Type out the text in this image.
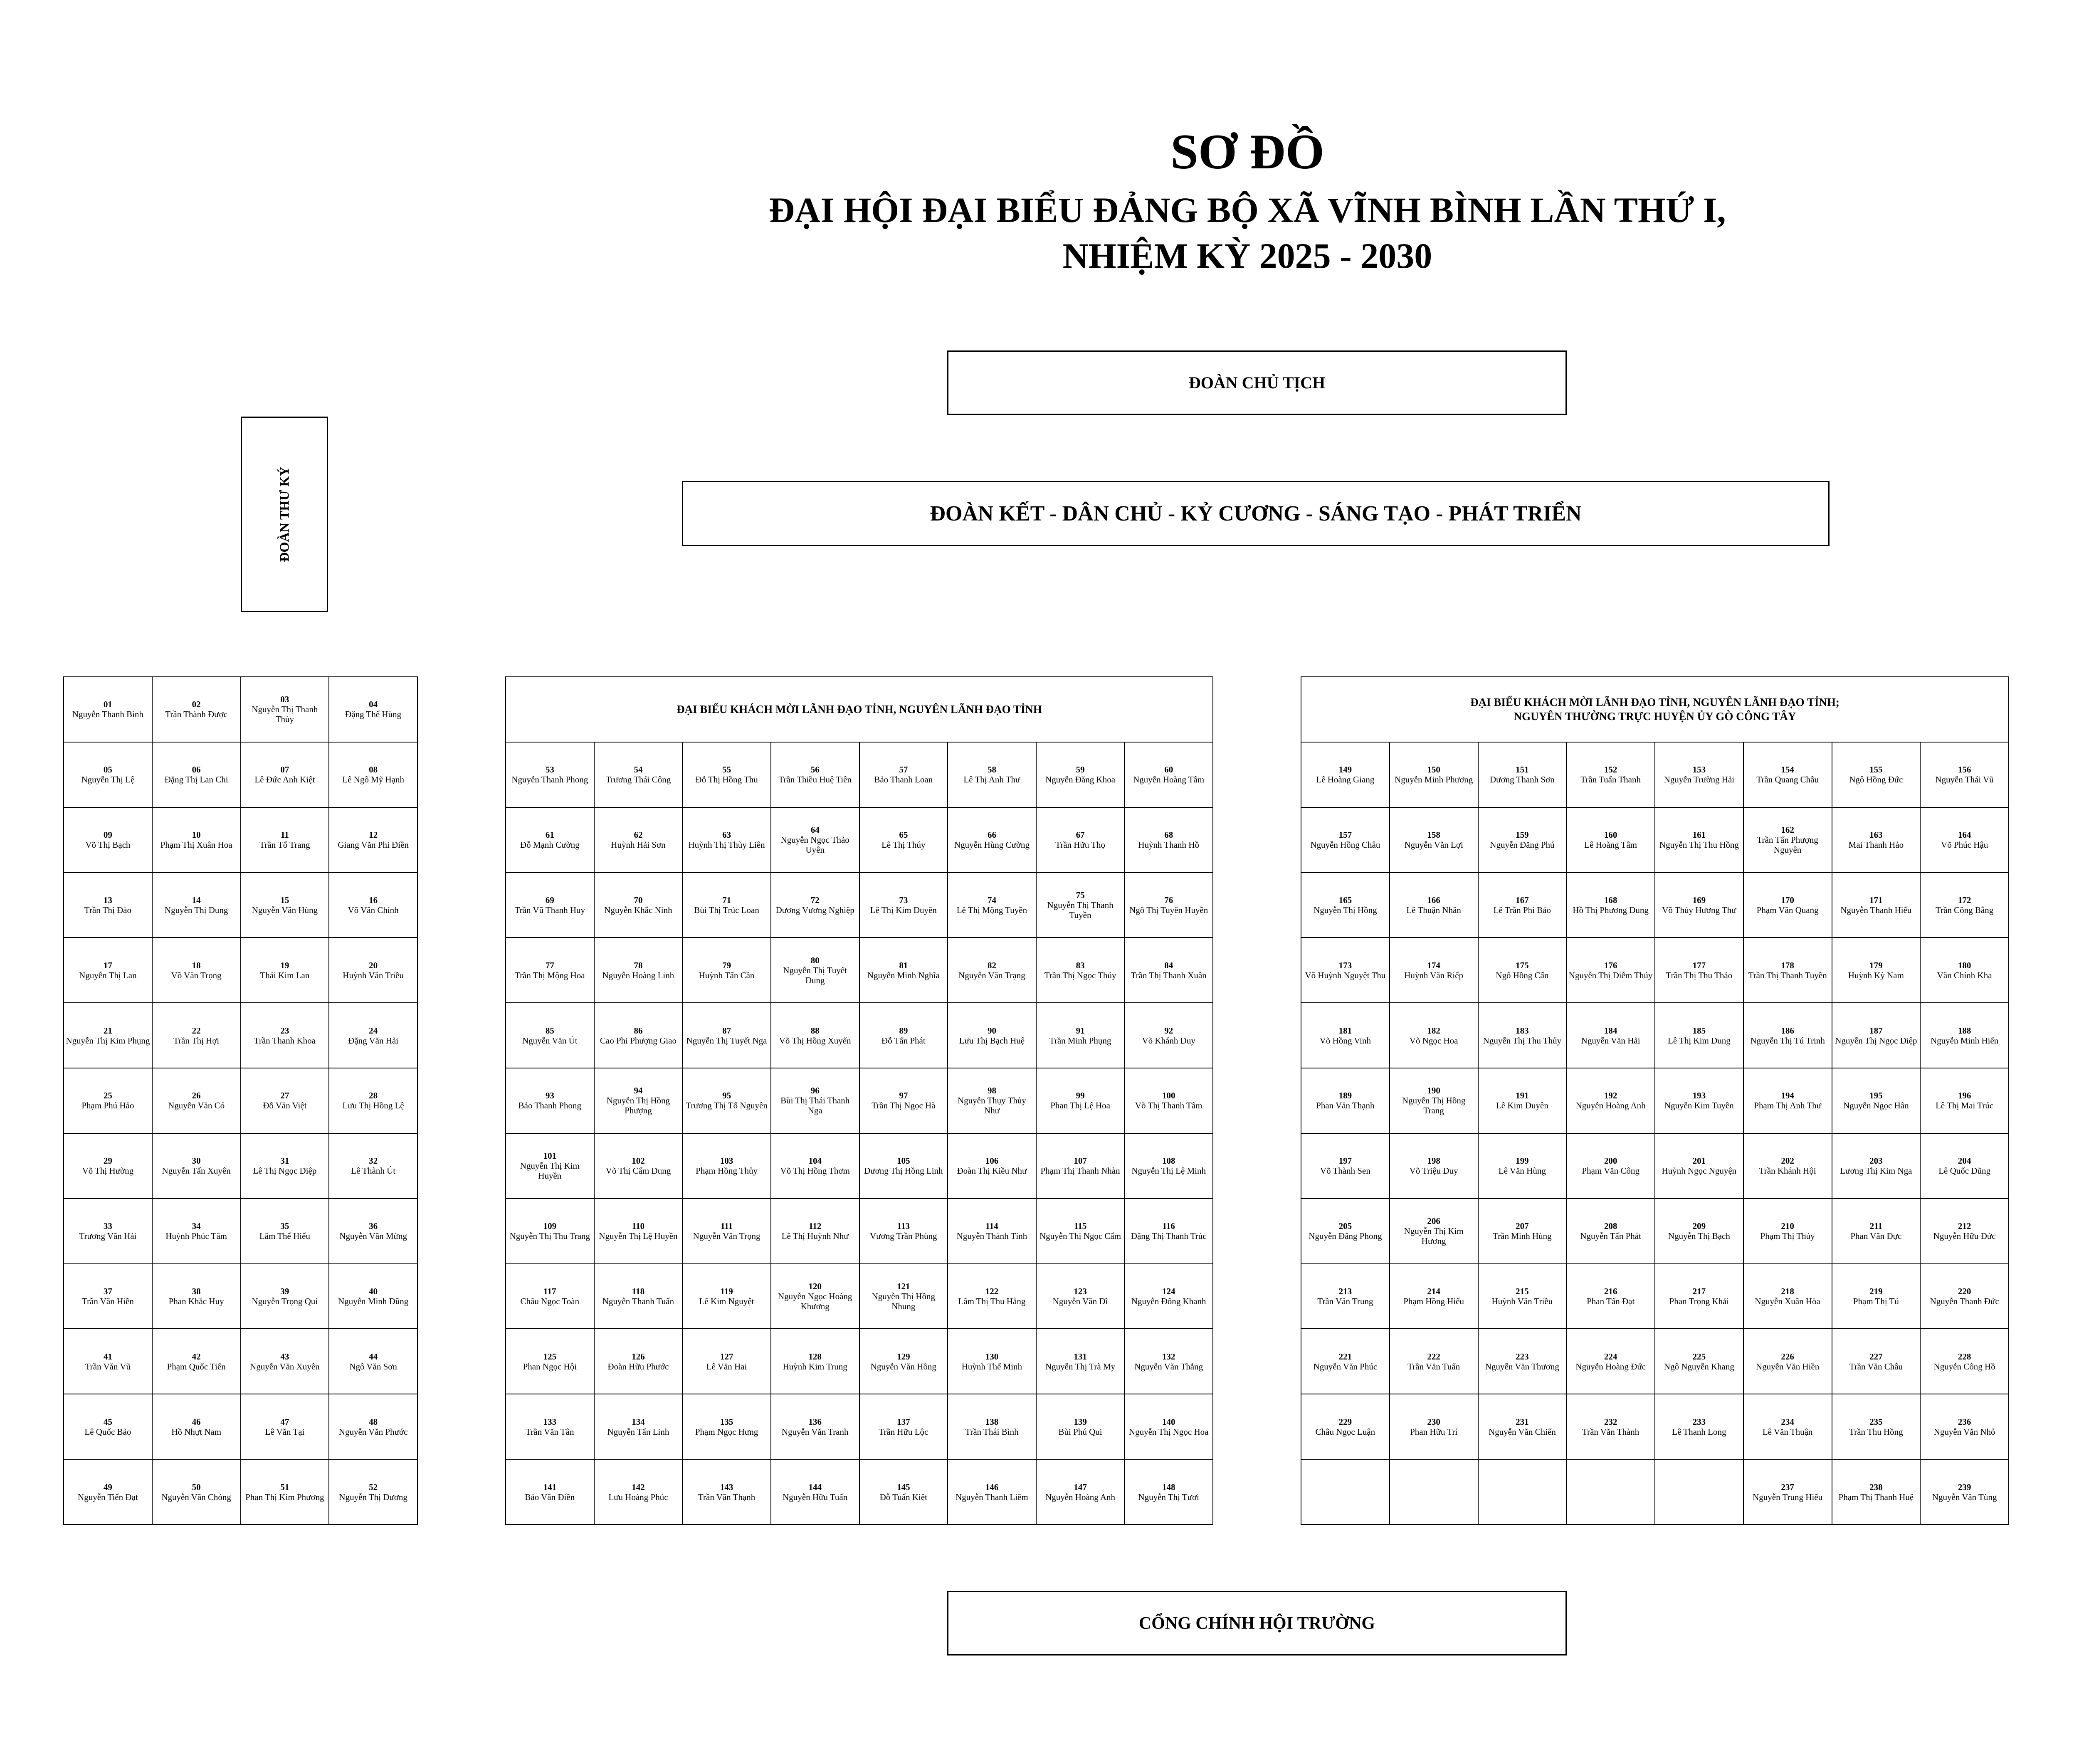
SƠ ĐỒ
ĐẠI HỘI ĐẠI BIỂU ĐẢNG BỘ XÃ VĨNH BÌNH LẦN THỨ I,
NHIỆM KỲ 2025 - 2030
ĐOÀN CHỦ TỊCH
ĐOÀN KẾT - DÂN CHỦ - KỶ CƯƠNG - SÁNG TẠO - PHÁT TRIỂN
ĐOÀN THƯ KÝ
01
Nguyễn Thanh Bình
02
Trần Thành Được
03
Nguyễn Thị Thanh Thủy
04
Đặng Thế Hùng
05
Nguyễn Thị Lệ
06
Đặng Thị Lan Chi
07
Lê Đức Anh Kiệt
08
Lê Ngô Mỹ Hạnh
09
Võ Thị Bạch
10
Phạm Thị Xuân Hoa
11
Trần Tố Trang
12
Giang Văn Phi Điền
13
Trần Thị Đào
14
Nguyễn Thị Dung
15
Nguyễn Văn Hùng
16
Võ Văn Chính
17
Nguyễn Thị Lan
18
Võ Văn Trọng
19
Thái Kim Lan
20
Huỳnh Văn Triều
21
Nguyễn Thị Kim Phụng
22
Trần Thị Hợi
23
Trần Thanh Khoa
24
Đặng Văn Hải
25
Phạm Phú Hảo
26
Nguyễn Văn Có
27
Đỗ Văn Việt
28
Lưu Thị Hồng Lệ
29
Võ Thị Hường
30
Nguyễn Tấn Xuyên
31
Lê Thị Ngọc Diệp
32
Lê Thành Út
33
Trương Văn Hải
34
Huỳnh Phúc Tâm
35
Lâm Thế Hiểu
36
Nguyễn Văn Mừng
37
Trần Văn Hiền
38
Phan Khắc Huy
39
Nguyễn Trọng Qui
40
Nguyễn Minh Dũng
41
Trần Văn Vũ
42
Phạm Quốc Tiến
43
Nguyễn Văn Xuyên
44
Ngô Văn Sơn
45
Lê Quốc Bảo
46
Hồ Nhựt Nam
47
Lê Văn Tại
48
Nguyễn Văn Phước
49
Nguyễn Tiến Đạt
50
Nguyễn Văn Chóng
51
Phan Thị Kim Phương
52
Nguyễn Thị Dương
ĐẠI BIỂU KHÁCH MỜI LÃNH ĐẠO TỈNH, NGUYÊN LÃNH ĐẠO TỈNH
53
Nguyễn Thanh Phong
54
Trương Thái Công
55
Đỗ Thị Hồng Thu
56
Trần Thiều Huệ Tiên
57
Bảo Thanh Loan
58
Lê Thị Anh Thư
59
Nguyễn Đăng Khoa
60
Nguyễn Hoàng Tâm
61
Đỗ Mạnh Cường
62
Huỳnh Hải Sơn
63
Huỳnh Thị Thùy Liên
64
Nguyễn Ngọc Thảo Uyên
65
Lê Thị Thúy
66
Nguyễn Hùng Cường
67
Trần Hữu Thọ
68
Huỳnh Thanh Hồ
69
Trần Vũ Thanh Huy
70
Nguyễn Khắc Ninh
71
Bùi Thị Trúc Loan
72
Dương Vương Nghiệp
73
Lê Thị Kim Duyên
74
Lê Thị Mộng Tuyền
75
Nguyễn Thị Thanh Tuyền
76
Ngô Thị Tuyên Huyền
77
Trần Thị Mộng Hoa
78
Nguyễn Hoàng Linh
79
Huỳnh Tấn Cần
80
Nguyễn Thị Tuyết Dung
81
Nguyễn Minh Nghĩa
82
Nguyễn Văn Trạng
83
Trần Thị Ngọc Thúy
84
Trần Thị Thanh Xuân
85
Nguyễn Văn Út
86
Cao Phi Phượng Giao
87
Nguyễn Thị Tuyết Nga
88
Võ Thị Hồng Xuyến
89
Đỗ Tấn Phát
90
Lưu Thị Bạch Huệ
91
Trần Minh Phụng
92
Võ Khánh Duy
93
Bảo Thanh Phong
94
Nguyễn Thị Hồng Phượng
95
Trương Thị Tố Nguyên
96
Bùi Thị Thái Thanh Nga
97
Trần Thị Ngọc Hà
98
Nguyễn Thụy Thủy Như
99
Phan Thị Lệ Hoa
100
Võ Thị Thanh Tâm
101
Nguyễn Thị Kim Huyền
102
Võ Thị Cẩm Dung
103
Phạm Hồng Thủy
104
Võ Thị Hồng Thơm
105
Dương Thị Hồng Linh
106
Đoàn Thị Kiều Như
107
Phạm Thị Thanh Nhàn
108
Nguyễn Thị Lệ Minh
109
Nguyễn Thị Thu Trang
110
Nguyễn Thị Lệ Huyền
111
Nguyễn Văn Trọng
112
Lê Thị Huỳnh Như
113
Vương Trần Phùng
114
Nguyễn Thành Tính
115
Nguyễn Thị Ngọc Cẩm
116
Đặng Thị Thanh Trúc
117
Châu Ngọc Toàn
118
Nguyễn Thanh Tuấn
119
Lê Kim Nguyệt
120
Nguyễn Ngọc Hoàng Khương
121
Nguyễn Thị Hồng Nhung
122
Lâm Thị Thu Hằng
123
Nguyễn Văn Dĩ
124
Nguyễn Đông Khanh
125
Phan Ngọc Hội
126
Đoàn Hữu Phước
127
Lê Văn Hai
128
Huỳnh Kim Trung
129
Nguyễn Văn Hồng
130
Huỳnh Thế Minh
131
Nguyễn Thị Trà My
132
Nguyễn Văn Thắng
133
Trần Văn Tân
134
Nguyễn Tấn Linh
135
Phạm Ngọc Hưng
136
Nguyễn Văn Tranh
137
Trần Hữu Lộc
138
Trần Thái Bình
139
Bùi Phú Qui
140
Nguyễn Thị Ngọc Hoa
141
Bảo Văn Điền
142
Lưu Hoàng Phúc
143
Trần Văn Thạnh
144
Nguyễn Hữu Tuấn
145
Đỗ Tuấn Kiệt
146
Nguyễn Thanh Liêm
147
Nguyễn Hoàng Anh
148
Nguyễn Thị Tươi
ĐẠI BIỂU KHÁCH MỜI LÃNH ĐẠO TỈNH, NGUYÊN LÃNH ĐẠO TỈNH;
NGUYÊN THƯỜNG TRỰC HUYỆN ỦY GÒ CÔNG TÂY
149
Lê Hoàng Giang
150
Nguyễn Minh Phương
151
Dương Thanh Sơn
152
Trần Tuấn Thanh
153
Nguyễn Trường Hải
154
Trần Quang Châu
155
Ngô Hồng Đức
156
Nguyễn Thái Vũ
157
Nguyễn Hồng Châu
158
Nguyễn Văn Lợi
159
Nguyễn Đăng Phú
160
Lê Hoàng Tâm
161
Nguyễn Thị Thu Hồng
162
Trần Tấn Phượng Nguyên
163
Mai Thanh Hảo
164
Võ Phúc Hậu
165
Nguyễn Thị Hồng
166
Lê Thuận Nhân
167
Lê Trần Phi Bảo
168
Hồ Thị Phương Dung
169
Võ Thùy Hương Thư
170
Phạm Văn Quang
171
Nguyễn Thanh Hiếu
172
Trần Công Bằng
173
Võ Huỳnh Nguyệt Thu
174
Huỳnh Văn Riếp
175
Ngô Hồng Cẩn
176
Nguyễn Thị Diễm Thúy
177
Trần Thị Thu Thảo
178
Trần Thị Thanh Tuyền
179
Huỳnh Kỳ Nam
180
Văn Chính Kha
181
Võ Hồng Vinh
182
Võ Ngọc Hoa
183
Nguyễn Thị Thu Thủy
184
Nguyễn Văn Hải
185
Lê Thị Kim Dung
186
Nguyễn Thị Tú Trinh
187
Nguyễn Thị Ngọc Diệp
188
Nguyễn Minh Hiển
189
Phan Văn Thạnh
190
Nguyễn Thị Hồng Trang
191
Lê Kim Duyên
192
Nguyễn Hoàng Anh
193
Nguyễn Kim Tuyền
194
Phạm Thị Anh Thư
195
Nguyễn Ngọc Hân
196
Lê Thị Mai Trúc
197
Võ Thành Sen
198
Võ Triệu Duy
199
Lê Văn Hùng
200
Phạm Văn Công
201
Huỳnh Ngọc Nguyện
202
Trần Khánh Hội
203
Lương Thị Kim Nga
204
Lê Quốc Dũng
205
Nguyễn Đăng Phong
206
Nguyễn Thị Kim Hương
207
Trần Minh Hùng
208
Nguyễn Tấn Phát
209
Nguyễn Thị Bạch
210
Phạm Thị Thúy
211
Phan Văn Đực
212
Nguyễn Hữu Đức
213
Trần Văn Trung
214
Phạm Hồng Hiếu
215
Huỳnh Văn Triều
216
Phan Tấn Đạt
217
Phan Trọng Khải
218
Nguyễn Xuân Hòa
219
Phạm Thị Tú
220
Nguyễn Thanh Đức
221
Nguyễn Văn Phúc
222
Trần Văn Tuấn
223
Nguyễn Văn Thương
224
Nguyễn Hoàng Đức
225
Ngô Nguyễn Khang
226
Nguyễn Văn Hiền
227
Trần Văn Châu
228
Nguyễn Công Hồ
229
Châu Ngọc Luận
230
Phan Hữu Trí
231
Nguyễn Văn Chiến
232
Trần Văn Thành
233
Lê Thanh Long
234
Lê Văn Thuận
235
Trần Thu Hồng
236
Nguyễn Văn Nhỏ
237
Nguyễn Trung Hiếu
238
Phạm Thị Thanh Huệ
239
Nguyễn Văn Tùng
CỔNG CHÍNH HỘI TRƯỜNG
